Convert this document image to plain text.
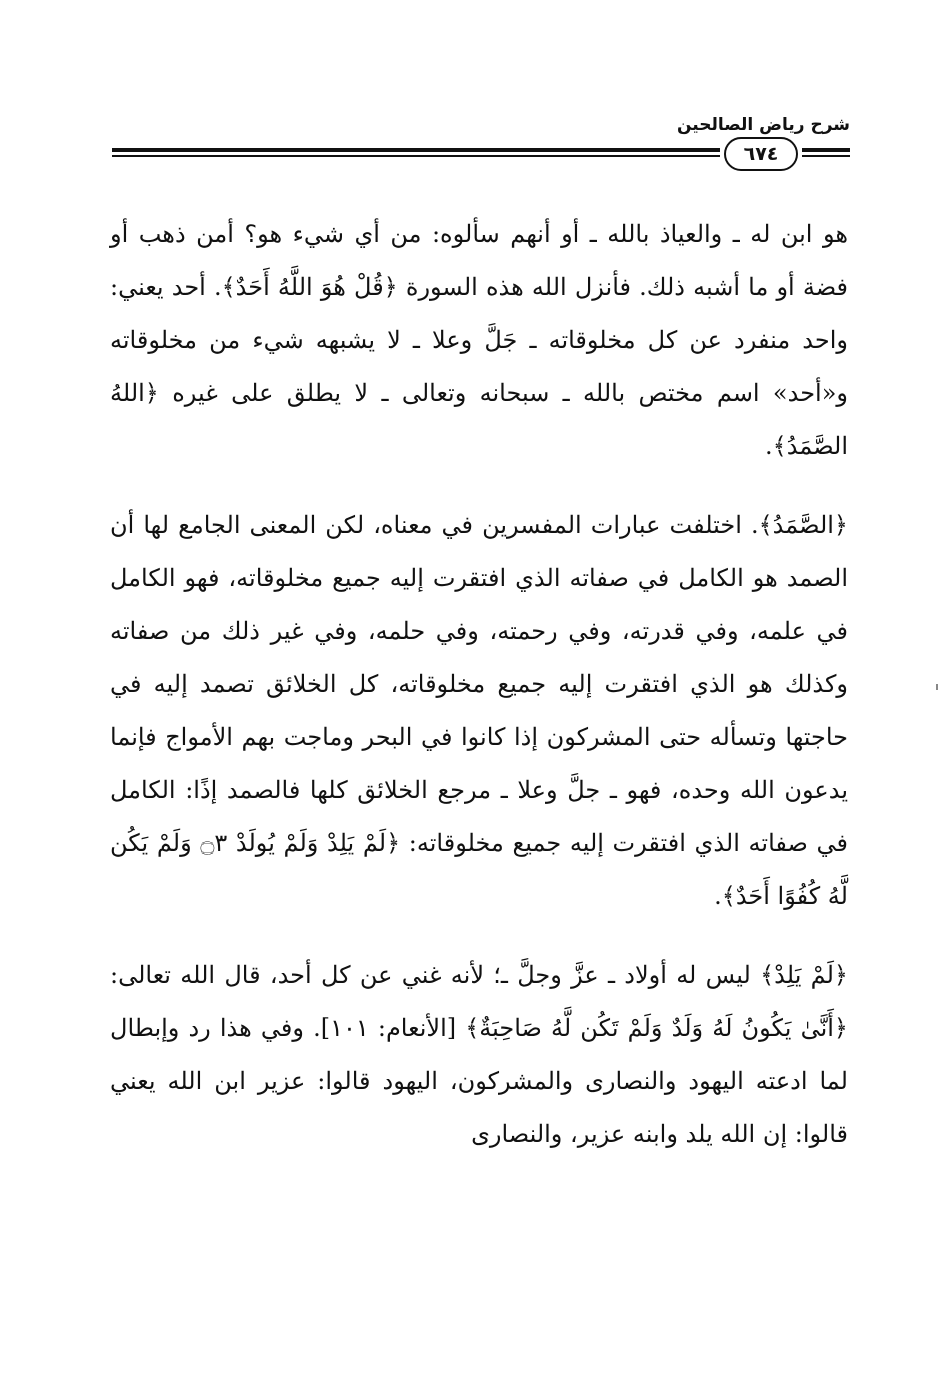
شرح رياض الصالحين
٦٧٤

هو ابن له ـ والعياذ بالله ـ أو أنهم سألوه: من أي شيء هو؟ أمن ذهب أو فضة أو ما أشبه ذلك. فأنزل الله هذه السورة ﴿قُلْ هُوَ اللَّهُ أَحَدٌ﴾. أحد يعني: واحد منفرد عن كل مخلوقاته ـ جَلَّ وعلا ـ لا يشبهه شيء من مخلوقاته و«أحد» اسم مختص بالله ـ سبحانه وتعالى ـ لا يطلق على غيره ﴿اللهُ الصَّمَدُ﴾.

﴿الصَّمَدُ﴾. اختلفت عبارات المفسرين في معناه، لكن المعنى الجامع لها أن الصمد هو الكامل في صفاته الذي افتقرت إليه جميع مخلوقاته، فهو الكامل في علمه، وفي قدرته، وفي رحمته، وفي حلمه، وفي غير ذلك من صفاته وكذلك هو الذي افتقرت إليه جميع مخلوقاته، كل الخلائق تصمد إليه في حاجتها وتسأله حتى المشركون إذا كانوا في البحر وماجت بهم الأمواج فإنما يدعون الله وحده، فهو ـ جلَّ وعلا ـ مرجع الخلائق كلها فالصمد إذًا: الكامل في صفاته الذي افتقرت إليه جميع مخلوقاته: ﴿لَمْ يَلِدْ وَلَمْ يُولَدْ ۝٣ وَلَمْ يَكُن لَّهُ كُفُوًا أَحَدٌ﴾.

﴿لَمْ يَلِدْ﴾ ليس له أولاد ـ عزَّ وجلَّ ـ؛ لأنه غني عن كل أحد، قال الله تعالى: ﴿أَنَّىٰ يَكُونُ لَهُ وَلَدٌ وَلَمْ تَكُن لَّهُ صَاحِبَةٌ﴾ [الأنعام: ١٠١]. وفي هذا رد وإبطال لما ادعته اليهود والنصارى والمشركون، اليهود قالوا: عزير ابن الله يعني قالوا: إن الله يلد وابنه عزير، والنصارى
